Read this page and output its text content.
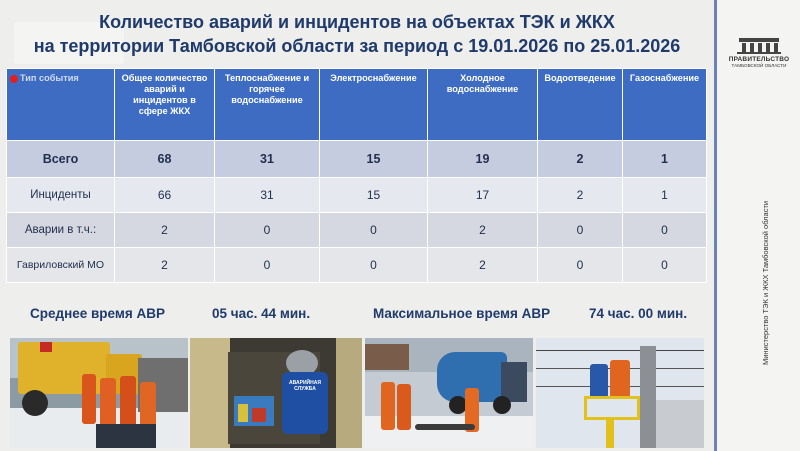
Количество аварий и инцидентов на объектах ТЭК и ЖКХ
на территории Тамбовской области за период с 19.01.2026 по 25.01.2026
Тип события	Общее количество аварий и инцидентов в сфере ЖКХ	Теплоснабжение и горячее водоснабжение	Электроснабжение	Холодное водоснабжение	Водоотведение	Газоснабжение
Всего	68	31	15	19	2	1
Инциденты	66	31	15	17	2	1
Аварии в т.ч.:	2	0	0	2	0	0
Гавриловский МО	2	0	0	2	0	0
Среднее время АВР	05 час. 44 мин.	Максимальное время АВР	74 час. 00 мин.
АВАРИЙНАЯ СЛУЖБА
ПРАВИТЕЛЬСТВО
ТАМБОВСКОЙ ОБЛАСТИ
Министерство ТЭК и ЖКХ Тамбовской области
